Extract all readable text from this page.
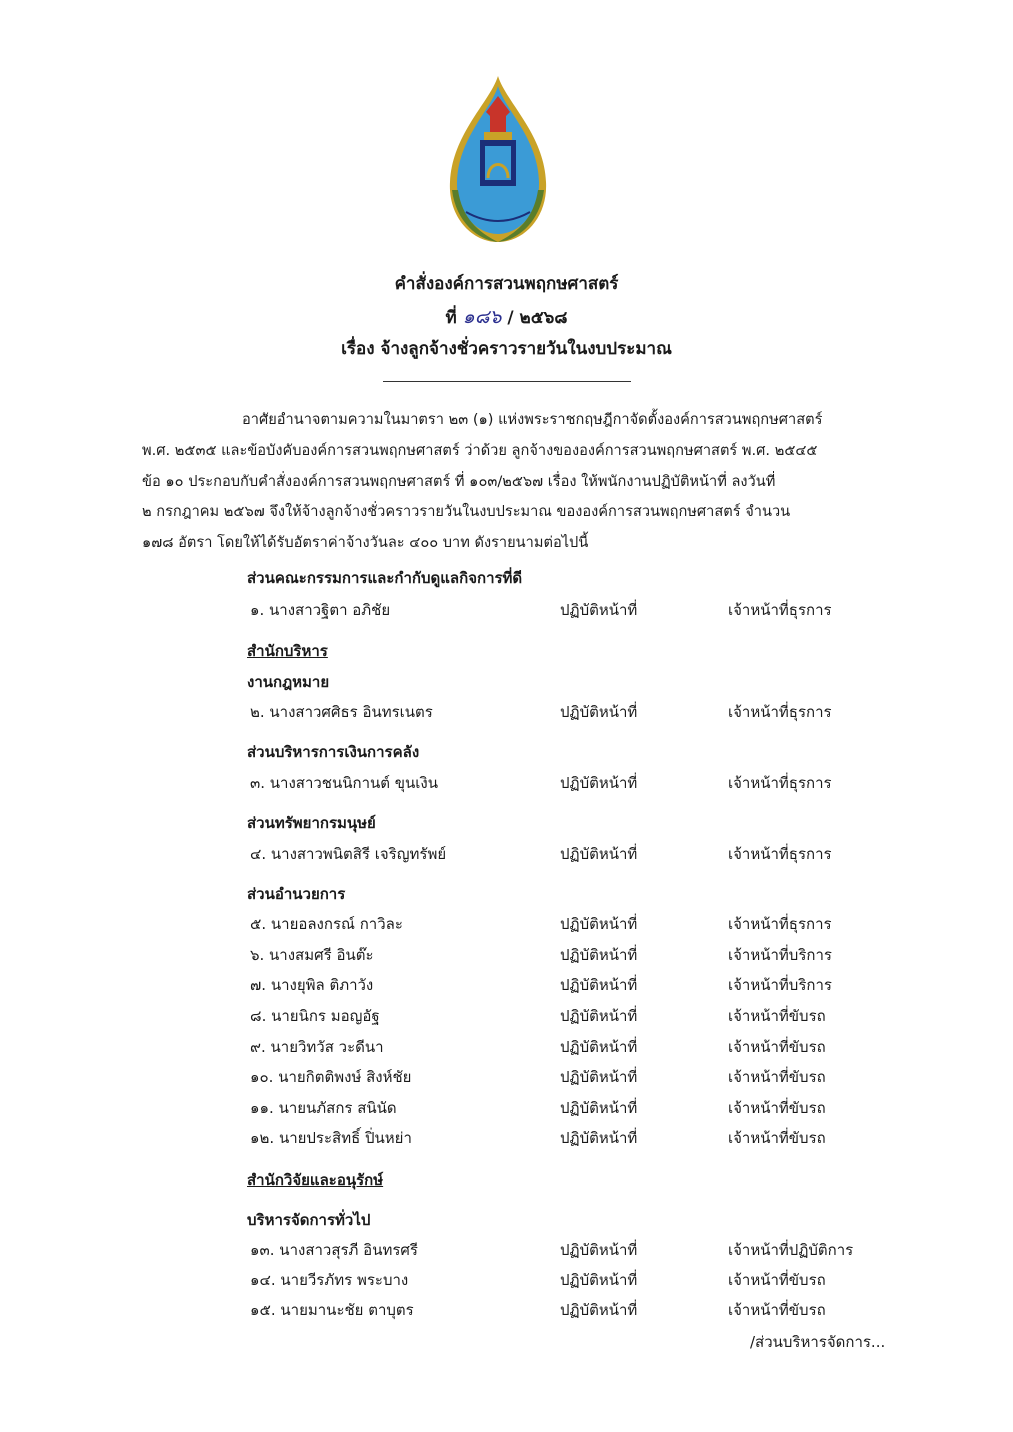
คำสั่งองค์การสวนพฤกษศาสตร์
ที่ ๑๘๖ / ๒๕๖๘
เรื่อง จ้างลูกจ้างชั่วคราวรายวันในงบประมาณ
อาศัยอำนาจตามความในมาตรา ๒๓ (๑) แห่งพระราชกฤษฎีกาจัดตั้งองค์การสวนพฤกษศาสตร์
พ.ศ. ๒๕๓๕ และข้อบังคับองค์การสวนพฤกษศาสตร์ ว่าด้วย ลูกจ้างขององค์การสวนพฤกษศาสตร์ พ.ศ. ๒๕๔๕
ข้อ ๑๐ ประกอบกับคำสั่งองค์การสวนพฤกษศาสตร์ ที่ ๑๐๓/๒๕๖๗ เรื่อง ให้พนักงานปฏิบัติหน้าที่ ลงวันที่
๒ กรกฎาคม ๒๕๖๗ จึงให้จ้างลูกจ้างชั่วคราวรายวันในงบประมาณ ขององค์การสวนพฤกษศาสตร์ จำนวน
๑๗๘ อัตรา โดยให้ได้รับอัตราค่าจ้างวันละ ๔๐๐ บาท ดังรายนามต่อไปนี้
ส่วนคณะกรรมการและกำกับดูแลกิจการที่ดี
๑. นางสาวฐิตา อภิชัย	ปฏิบัติหน้าที่	เจ้าหน้าที่ธุรการ
สำนักบริหาร
งานกฎหมาย
๒. นางสาวศศิธร อินทรเนตร	ปฏิบัติหน้าที่	เจ้าหน้าที่ธุรการ
ส่วนบริหารการเงินการคลัง
๓. นางสาวชนนิกานต์ ขุนเงิน	ปฏิบัติหน้าที่	เจ้าหน้าที่ธุรการ
ส่วนทรัพยากรมนุษย์
๔. นางสาวพนิตสิรี เจริญทรัพย์	ปฏิบัติหน้าที่	เจ้าหน้าที่ธุรการ
ส่วนอำนวยการ
๕. นายอลงกรณ์ กาวิละ	ปฏิบัติหน้าที่	เจ้าหน้าที่ธุรการ
๖. นางสมศรี อินต๊ะ	ปฏิบัติหน้าที่	เจ้าหน้าที่บริการ
๗. นางยุพิล ติภาวัง	ปฏิบัติหน้าที่	เจ้าหน้าที่บริการ
๘. นายนิกร มอญอัฐ	ปฏิบัติหน้าที่	เจ้าหน้าที่ขับรถ
๙. นายวิทวัส วะดีนา	ปฏิบัติหน้าที่	เจ้าหน้าที่ขับรถ
๑๐. นายกิตติพงษ์ สิงห์ชัย	ปฏิบัติหน้าที่	เจ้าหน้าที่ขับรถ
๑๑. นายนภัสกร สนินัด	ปฏิบัติหน้าที่	เจ้าหน้าที่ขับรถ
๑๒. นายประสิทธิ์ ปิ่นหย่า	ปฏิบัติหน้าที่	เจ้าหน้าที่ขับรถ
สำนักวิจัยและอนุรักษ์
บริหารจัดการทั่วไป
๑๓. นางสาวสุรภี อินทรศรี	ปฏิบัติหน้าที่	เจ้าหน้าที่ปฏิบัติการ
๑๔. นายวีรภัทร พระบาง	ปฏิบัติหน้าที่	เจ้าหน้าที่ขับรถ
๑๕. นายมานะชัย ตาบุตร	ปฏิบัติหน้าที่	เจ้าหน้าที่ขับรถ
/ส่วนบริหารจัดการ...
